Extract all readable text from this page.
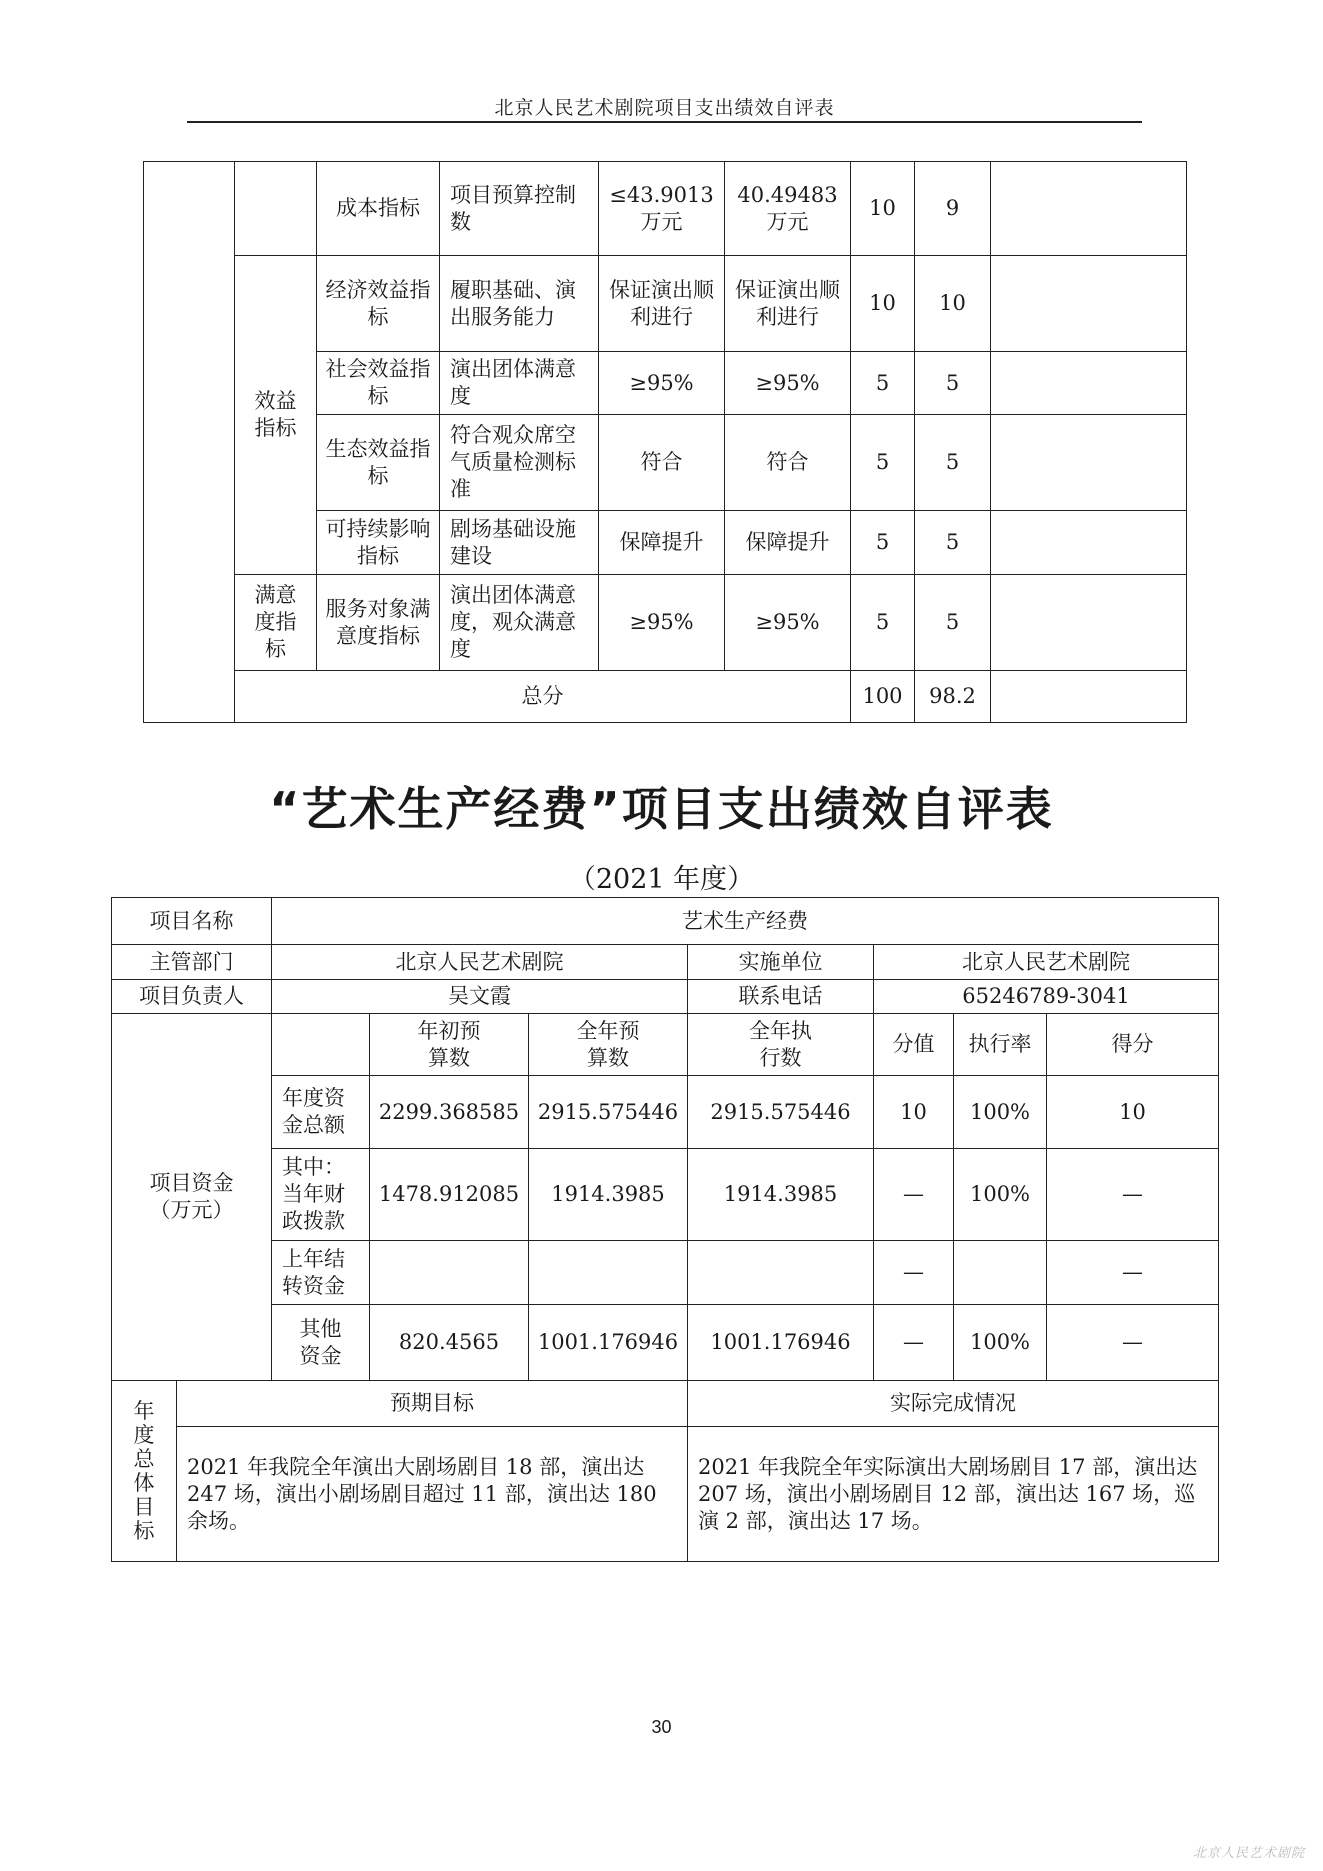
北京人民艺术剧院项目支出绩效自评表
		成本指标	项目预算控制数	≤43.9013万元	40.49483万元	10	9	
	效益指标	经济效益指标	履职基础、演出服务能力	保证演出顺利进行	保证演出顺利进行	10	10	
		社会效益指标	演出团体满意度	≥95%	≥95%	5	5	
		生态效益指标	符合观众席空气质量检测标准	符合	符合	5	5	
		可持续影响指标	剧场基础设施建设	保障提升	保障提升	5	5	
	满意度指标	服务对象满意度指标	演出团体满意度，观众满意度	≥95%	≥95%	5	5	
	总分					100	98.2	
“艺术生产经费”项目支出绩效自评表
（2021 年度）
项目名称		艺术生产经费						
主管部门		北京人民艺术剧院			实施单位	北京人民艺术剧院		
项目负责人		吴文霞			联系电话	65246789-3041		
项目资金（万元）			年初预算数	全年预算数	全年执行数	分值	执行率	得分
		年度资金总额	2299.368585	2915.575446	2915.575446	10	100%	10
		其中：当年财政拨款	1478.912085	1914.3985	1914.3985	—	100%	—
		上年结转资金				—		—
		其他资金	820.4565	1001.176946	1001.176946	—	100%	—

年度总体目标	预期目标				实际完成情况			
	2021 年我院全年演出大剧场剧目 18 部，演出达 247 场，演出小剧场剧目超过 11 部，演出达 180 余场。				2021 年我院全年实际演出大剧场剧目 17 部，演出达 207 场，演出小剧场剧目 12 部，演出达 167 场，巡演 2 部，演出达 17 场。			
30
北京人民艺术剧院
